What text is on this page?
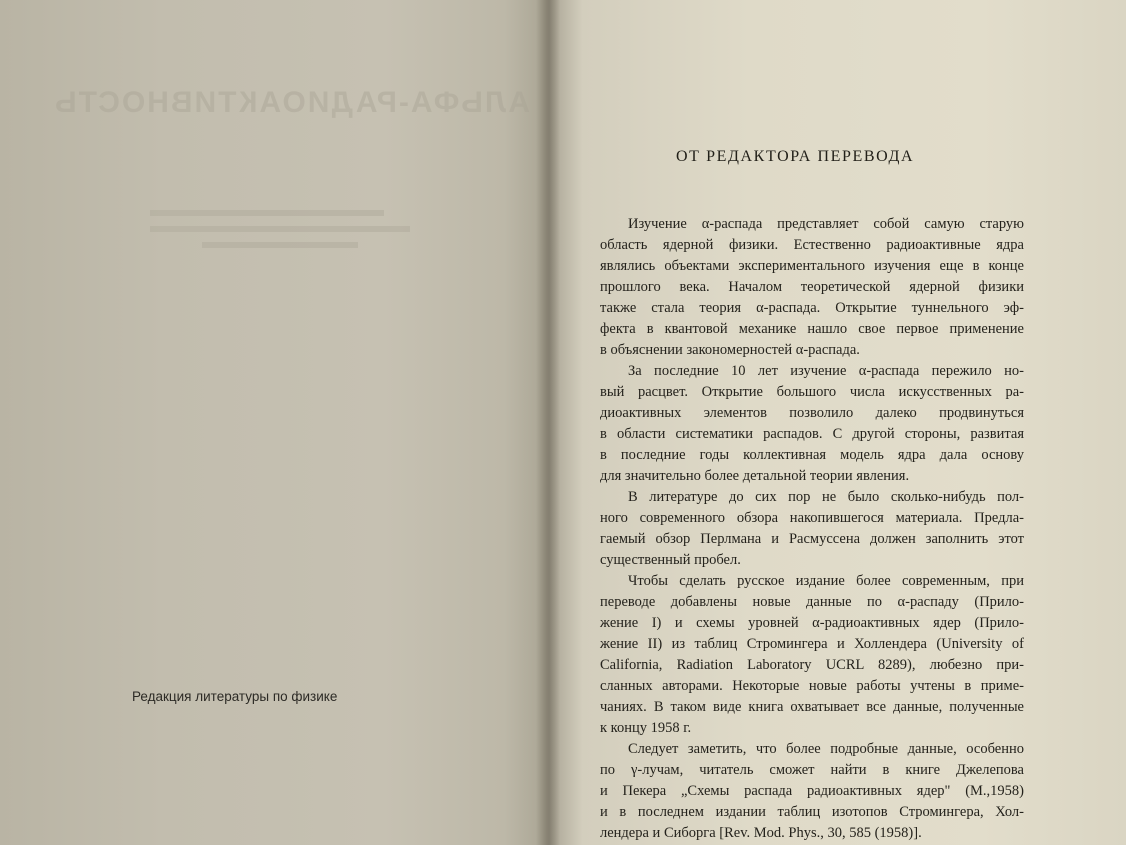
АЛЬФА-РАДИОАКТИВНОСТЬ
Редакция литературы по физике
ОТ РЕДАКТОРА ПЕРЕВОДА
Изучение α-распада представляет собой самую старую
область ядерной физики. Естественно радиоактивные ядра
являлись объектами экспериментального изучения еще в конце
прошлого века. Началом теоретической ядерной физики
также стала теория α-распада. Открытие туннельного эф-
фекта в квантовой механике нашло свое первое применение
в объяснении закономерностей α-распада.
За последние 10 лет изучение α-распада пережило но-
вый расцвет. Открытие большого числа искусственных ра-
диоактивных элементов позволило далеко продвинуться
в области систематики распадов. С другой стороны, развитая
в последние годы коллективная модель ядра дала основу
для значительно более детальной теории явления.
В литературе до сих пор не было сколько-нибудь пол-
ного современного обзора накопившегося материала. Предла-
гаемый обзор Перлмана и Расмуссена должен заполнить этот
существенный пробел.
Чтобы сделать русское издание более современным, при
переводе добавлены новые данные по α-распаду (Прило-
жение I) и схемы уровней α-радиоактивных ядер (Прило-
жение II) из таблиц Стромингера и Холлендера (University of
California, Radiation Laboratory UCRL 8289), любезно при-
сланных авторами. Некоторые новые работы учтены в приме-
чаниях. В таком виде книга охватывает все данные, полученные
к концу 1958 г.
Следует заметить, что более подробные данные, особенно
по γ-лучам, читатель сможет найти в книге Джелепова
и Пекера „Схемы распада радиоактивных ядер" (М.,1958)
и в последнем издании таблиц изотопов Стромингера, Хол-
лендера и Сиборга [Rev. Mod. Phys., 30, 585 (1958)].
